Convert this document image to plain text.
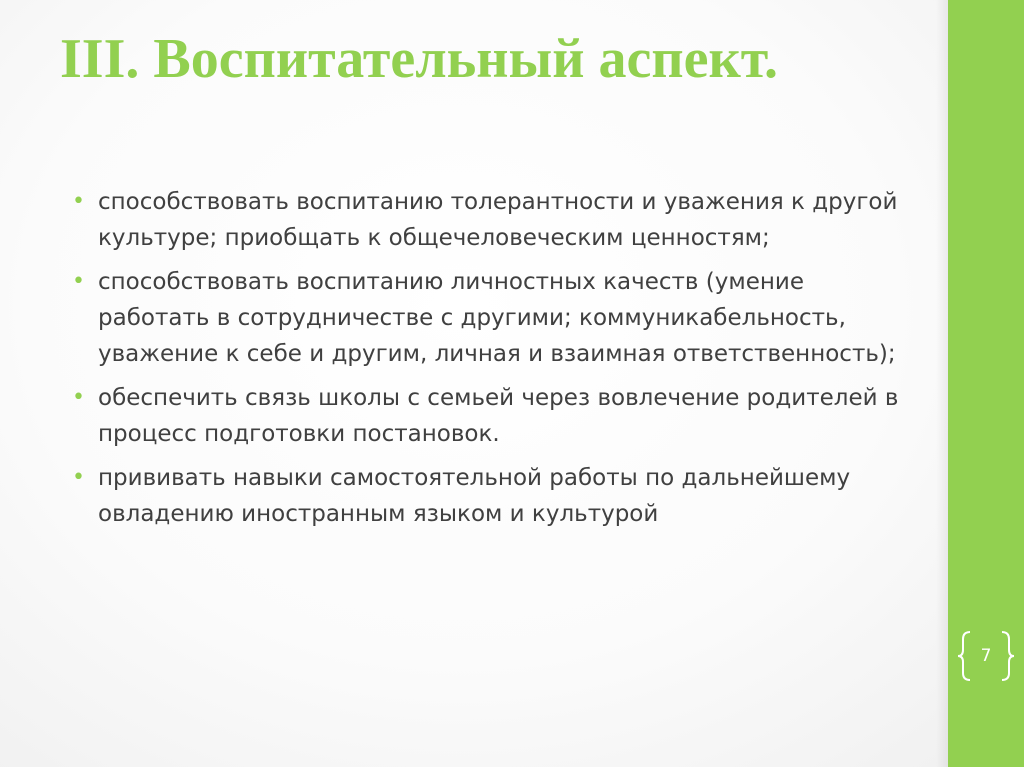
III. Воспитательный аспект.
• способствовать воспитанию толерантности и уважения к другой культуре; приобщать к общечеловеческим ценностям;
• способствовать воспитанию личностных качеств (умение работать в сотрудничестве с другими; коммуникабельность, уважение к себе и другим, личная и взаимная ответственность);
• обеспечить связь школы с семьей через вовлечение родителей в процесс подготовки постановок.
• прививать навыки самостоятельной работы по дальнейшему овладению иностранным языком и культурой
7
